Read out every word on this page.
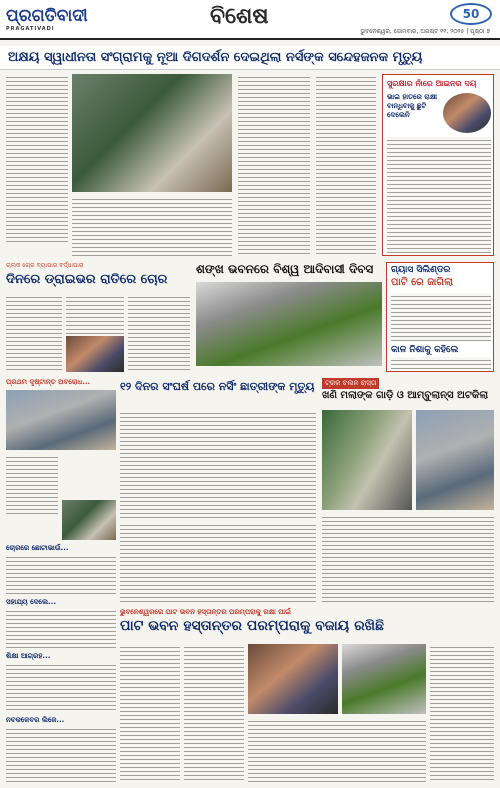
ପ୍ରଗତିବାଦୀ
PRAGATIVADI	ବିଶେଷ
ଭୁବନେଶ୍ୱର, ସୋମବାର, ଅଗଷ୍ଟ ୧୧, ୨୦୨୫ | ପୃଷ୍ଠା ୭
50
ଅକ୍ଷୟ ସ୍ୱାଧୀନତା ସଂଗ୍ରାମକୁ ନୂଆ ଦିଗଦର୍ଶନ ଦେଇଥିଲା ନର୍ସଙ୍କ ସନ୍ଦେହଜନକ ମୃତ୍ୟୁ
ସୁରକ୍ଷାର ନାଁରେ ଆଇନର ଦୟ
ଭାଇ ହାତରେ ରାକ୍ଷୀ ବାନ୍ଧିବାକୁ ଛୁଟି ଦେଲେନି
ଚାଲକ ଚୋର ବ୍ୟାପାର ବର୍ଦ୍ଧାପାରା
ଦିନରେ ଡ୍ରାଇଭର ରାତିରେ ଚୋର
ଶଙ୍ଖ ଭବନରେ ବିଶ୍ୱ ଆଦିବାସୀ ଦିବସ	ଗ୍ୟାସ ସିଲିଣ୍ଡର
ପାଟି ରେ ଜାଗିଲା
କାଳ ନିଶାକୁ କହିଲେ
ପ୍ରଥମ ଦୃଷ୍ଟାନ୍ତ ଅବରୋଧ...	୧୨ ଦିନର ସଂଘର୍ଷ ପରେ ନର୍ସିଂ ଛାତ୍ରୀଙ୍କ ମୃତ୍ୟୁ	ଟ୍ରକ ଚଲନ ରାସ୍ତା
ଖଣି ମଲାଙ୍କ ଗାଡ଼ି ଓ ଆମ୍ବୁଲାନ୍ସ ଅଟକିଲା
ଚୋରରେ ଛୋଟାଭାଉଁ...
ସହାଯ୍ୟ ଦେଲେ...
ଶିକ୍ଷା ଆଗ୍ରହ...
ନବକଳେବର ଲିଜେ...
ଭୁବନେଶ୍ୱରରେ ପାଟ ଭବନ ହସ୍ତାନ୍ତର ପରମ୍ପରାକୁ ରକ୍ଷା ପାଇଁ
ପାଟ ଭବନ ହସ୍ତାନ୍ତର ପରମ୍ପରାକୁ ବଜାୟ ରଖିଛି
